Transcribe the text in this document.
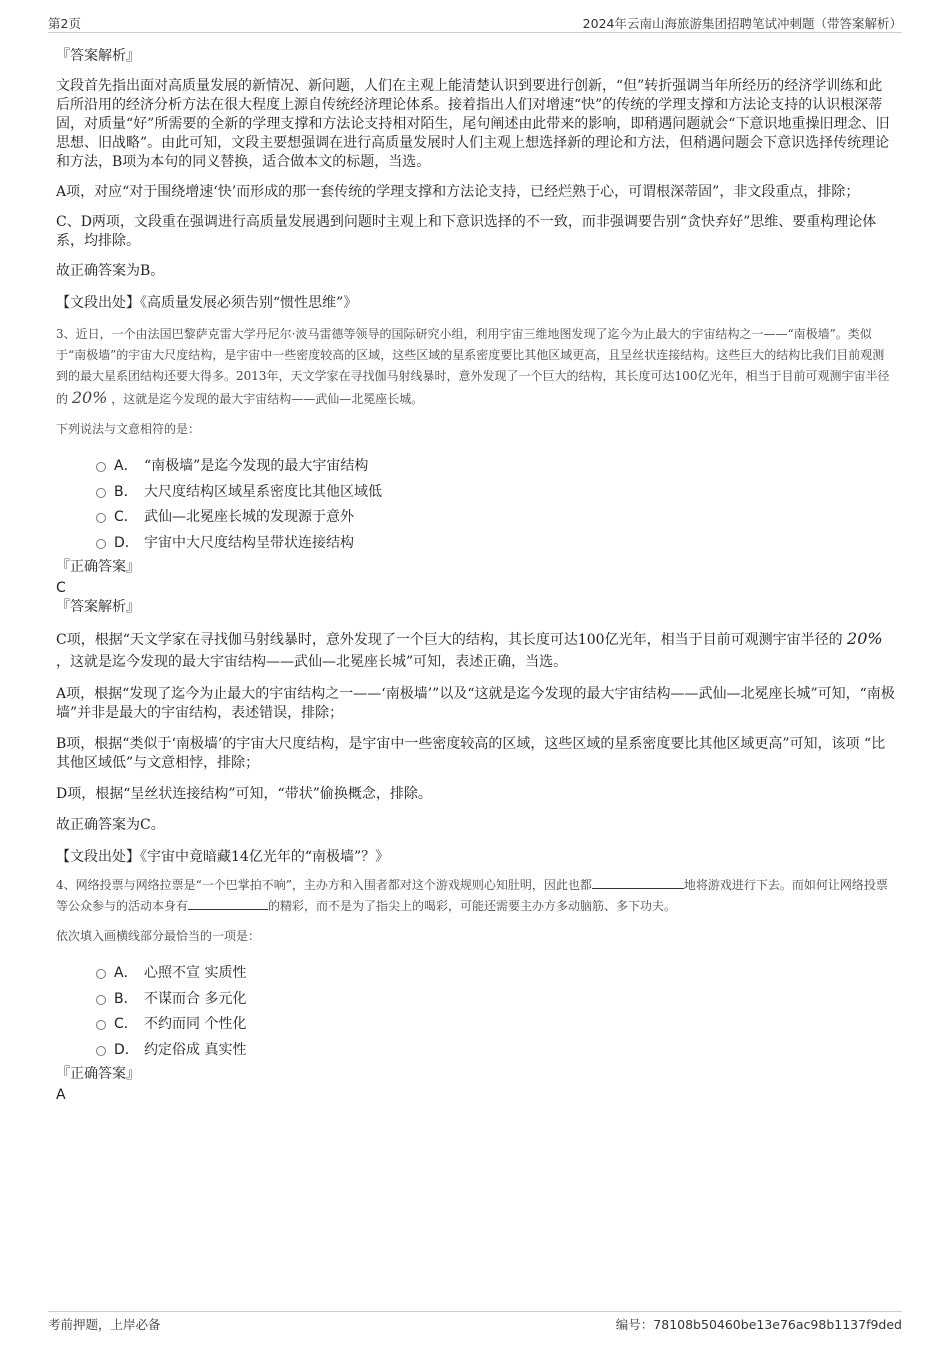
第2页	2024年云南山海旅游集团招聘笔试冲刺题（带答案解析）
『答案解析』

文段首先指出面对高质量发展的新情况、新问题，人们在主观上能清楚认识到要进行创新，“但”转折强调当年所经历的经济学训练和此后所沿用的经济分析方法在很大程度上源自传统经济理论体系。接着指出人们对增速“快”的传统的学理支撑和方法论支持的认识根深蒂固，对质量“好”所需要的全新的学理支撑和方法论支持相对陌生，尾句阐述由此带来的影响，即稍遇问题就会“下意识地重操旧理念、旧思想、旧战略”。由此可知，文段主要想强调在进行高质量发展时人们主观上想选择新的理论和方法，但稍遇问题会下意识选择传统理论和方法，B项为本句的同义替换，适合做本文的标题，当选。

A项，对应“对于围绕增速‘快’而形成的那一套传统的学理支撑和方法论支持，已经烂熟于心，可谓根深蒂固”，非文段重点，排除；

C、D两项，文段重在强调进行高质量发展遇到问题时主观上和下意识选择的不一致，而非强调要告别“贪快弃好”思维、要重构理论体系，均排除。

故正确答案为B。

【文段出处】《高质量发展必须告别“惯性思维”》

3、近日，一个由法国巴黎萨克雷大学丹尼尔·波马雷德等领导的国际研究小组，利用宇宙三维地图发现了迄今为止最大的宇宙结构之一——“南极墙”。类似于“南极墙”的宇宙大尺度结构，是宇宙中一些密度较高的区域，这些区域的星系密度要比其他区域更高，且呈丝状连接结构。这些巨大的结构比我们目前观测到的最大星系团结构还要大得多。2013年，天文学家在寻找伽马射线暴时，意外发现了一个巨大的结构，其长度可达100亿光年，相当于目前可观测宇宙半径的 20% ，这就是迄今发现的最大宇宙结构——武仙—北冕座长城。

下列说法与文意相符的是：

A． “南极墙”是迄今发现的最大宇宙结构
B． 大尺度结构区域星系密度比其他区域低
C． 武仙—北冕座长城的发现源于意外
D． 宇宙中大尺度结构呈带状连接结构
『正确答案』
C
『答案解析』

C项，根据“天文学家在寻找伽马射线暴时，意外发现了一个巨大的结构，其长度可达100亿光年，相当于目前可观测宇宙半径的 20% ，这就是迄今发现的最大宇宙结构——武仙—北冕座长城”可知，表述正确，当选。

A项，根据“发现了迄今为止最大的宇宙结构之一——‘南极墙’”以及“这就是迄今发现的最大宇宙结构——武仙—北冕座长城”可知，“南极墙”并非是最大的宇宙结构，表述错误，排除；

B项，根据“类似于‘南极墙’的宇宙大尺度结构，是宇宙中一些密度较高的区域，这些区域的星系密度要比其他区域更高”可知，该项 “比其他区域低”与文意相悖，排除；

D项，根据“呈丝状连接结构”可知，“带状”偷换概念，排除。

故正确答案为C。

【文段出处】《宇宙中竟暗藏14亿光年的“南极墙”？》

4、网络投票与网络拉票是“一个巴掌拍不响”，主办方和入围者都对这个游戏规则心知肚明，因此也都	地将游戏进行下去。而如何让网络投票等公众参与的活动本身有	的精彩，而不是为了指尖上的喝彩，可能还需要主办方多动脑筋、多下功夫。

依次填入画横线部分最恰当的一项是：

A． 心照不宣 实质性
B． 不谋而合 多元化
C． 不约而同 个性化
D． 约定俗成 真实性
『正确答案』
A
考前押题，上岸必备	编号：78108b50460be13e76ac98b1137f9ded
